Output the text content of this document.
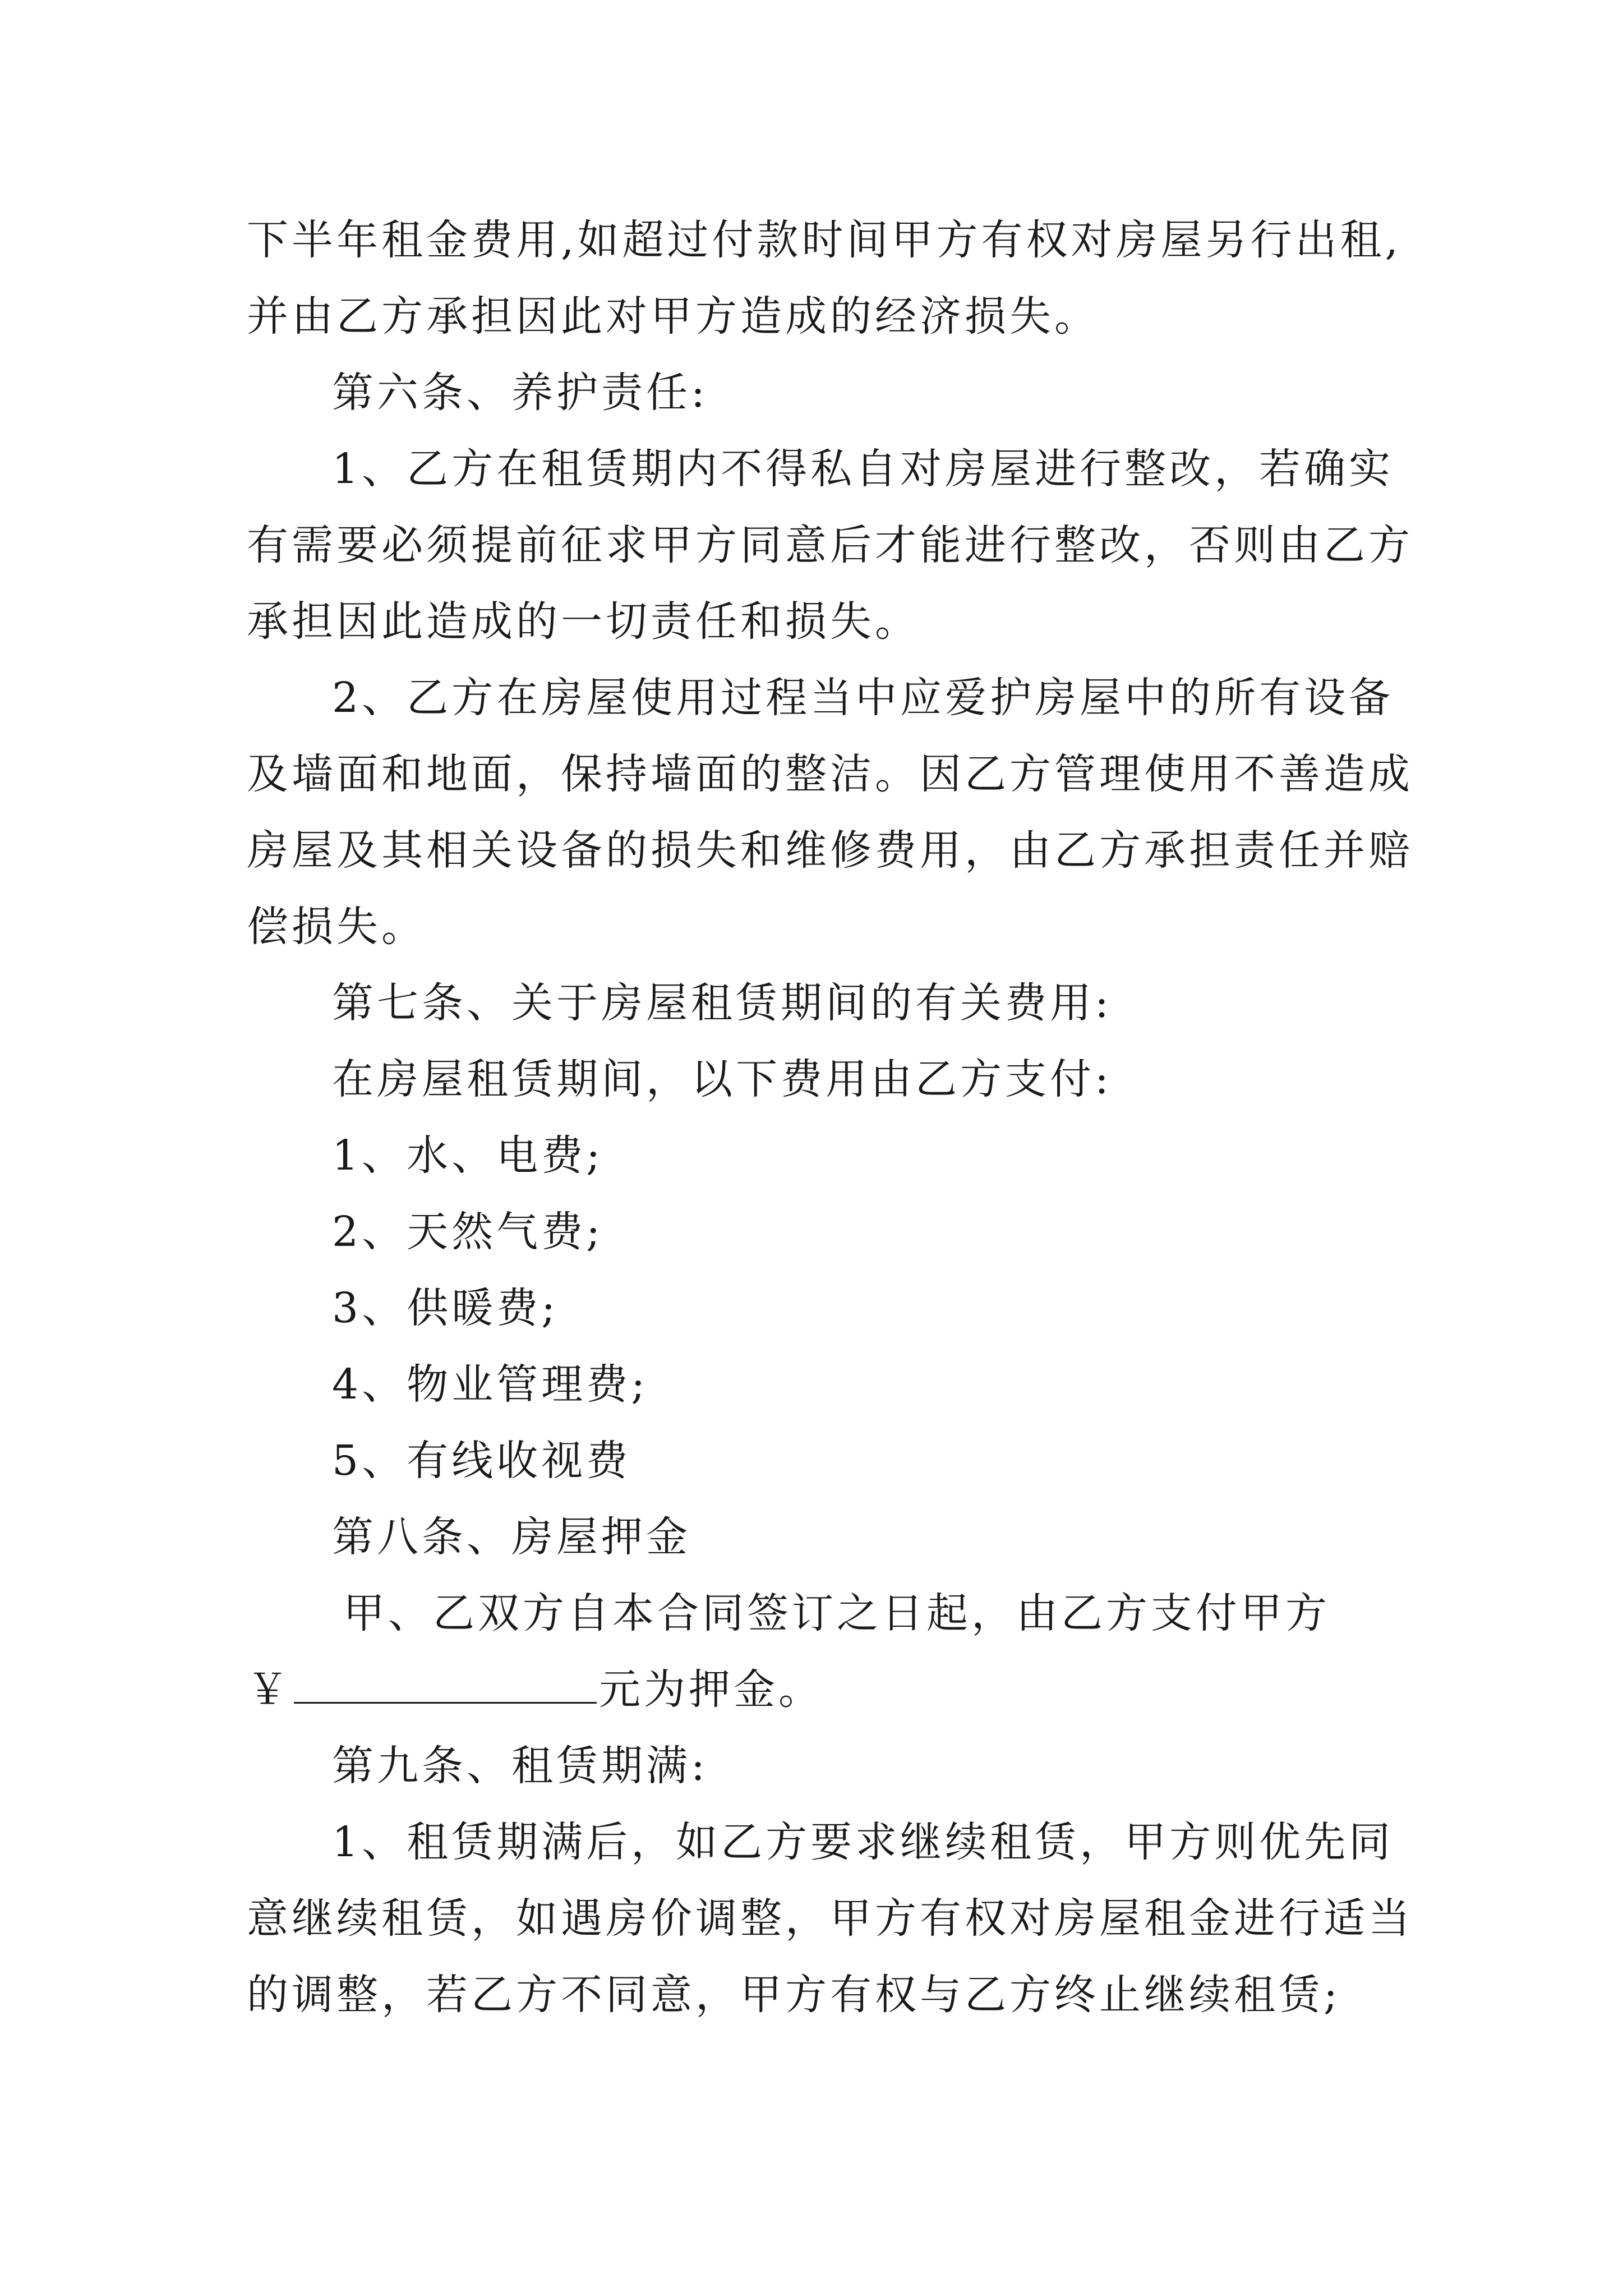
下半年租金费用,如超过付款时间甲方有权对房屋另行出租,
并由乙方承担因此对甲方造成的经济损失。
第六条、养护责任:
1、乙方在租赁期内不得私自对房屋进行整改，若确实
有需要必须提前征求甲方同意后才能进行整改，否则由乙方
承担因此造成的一切责任和损失。
2、乙方在房屋使用过程当中应爱护房屋中的所有设备
及墙面和地面，保持墙面的整洁。因乙方管理使用不善造成
房屋及其相关设备的损失和维修费用，由乙方承担责任并赔
偿损失。
第七条、关于房屋租赁期间的有关费用:
在房屋租赁期间，以下费用由乙方支付:
1、水、电费;
2、天然气费;
3、供暖费;
4、物业管理费;
5、有线收视费
第八条、房屋押金
甲、乙双方自本合同签订之日起，由乙方支付甲方
￥	元为押金。
第九条、租赁期满:
1、租赁期满后，如乙方要求继续租赁，甲方则优先同
意继续租赁，如遇房价调整，甲方有权对房屋租金进行适当
的调整，若乙方不同意，甲方有权与乙方终止继续租赁;
